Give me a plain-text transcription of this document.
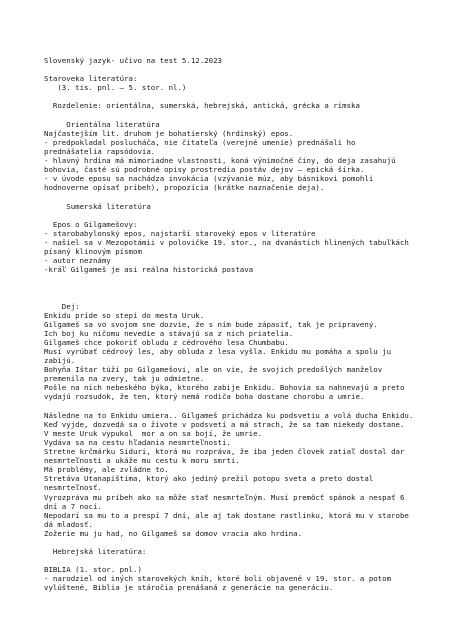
Slovenský jazyk- učivo na test 5.12.2023
Staroveka literatúra:
(3. tis. pnl. – 5. stor. nl.)
Rozdelenie: orientálna, sumerská, hebrejská, antická, grécka a rímska
Orientálna literatúra
Najčastejším lit. druhom je bohatierský (hrdinský) epos.
- predpokladal poslucháča, nie čitateľa (verejné umenie) prednášali ho
prednášatelia rapsódovia.
- hlavný hrdina má mimoriadne vlastnosti, koná výnimočné činy, do deja zasahujú
bohovia, časté sú podrobné opisy prostredia postáv dejov – epická šírka.
- v úvode eposu sa nachádza invokácia (vzývanie múz, aby básnikovi pomohli
hodnoverne opísať príbeh), propozícia (krátke naznačenie deja).
Sumerská literatúra
Epos o Gilgamešovy:
- starobabylonský epos, najstarší staroveký epos v literatúre
- našiel sa v Mezopotámii v polovičke 19. stor., na dvanástich hlinených tabuľkách
písaný klinovým písmom
- autor neznámy
-kráľ Gilgameš je asi reálna historická postava
Dej:
Enkidu príde so stepi do mesta Uruk.
Gilgameš sa vo svojom sne dozvie, že s ním bude zápasiť, tak je pripravený.
Ich boj ku ničomu nevedie a stávajú sa z nich priatelia.
Gilgameš chce pokoriť obludu z cédrového lesa Chumbabu.
Musí vyrúbať cédrový les, aby obluda z lesa vyšla. Enkidu mu pomáha a spolu ju
zabijú.
Bohyňa Ištar túži po Gilgamešovi, ale on vie, že svojich predošlých manželov
premenila na zvery, tak ju odmietne.
Pošle na nich nebeského býka, ktorého zabije Enkidu. Bohovia sa nahnevajú a preto
vydajú rozsudok, že ten, ktorý nemá rodiča boha dostane chorobu a umrie.
Následne na to Enkidu umiera.. Gilgameš prichádza ku podsvetiu a volá ducha Enkidu.
Keď vyjde, dozvedá sa o živote v podsvetí a má strach, že sa tam niekedy dostane.
V meste Uruk vypukol  mor a on sa bojí, že umrie.
Vydáva sa na cestu hľadania nesmrteľnosti.
Stretne krčmárku Siduri, ktorá mu rozpráva, že iba jeden človek zatiaľ dostal dar
nesmrteľnosti a ukáže mu cestu k moru smrti.
Má problémy, ale zvládne to.
Stretáva Utanapištima, ktorý ako jediný prežil potopu sveta a preto dostal
nesmrteľnosť.
Vyrozpráva mu príbeh ako sa môže stať nesmrteľným. Musí premôcť spánok a nespať 6
dní a 7 nocí.
Nepodarí sa mu to a prespí 7 dní, ale aj tak dostane rastlinku, ktorá mu v starobe
dá mladosť.
Zožerie mu ju had, no Gilgameš sa domov vracia ako hrdina.
Hebrejská literatúra:
BIBLIA (1. stor. pnl.)
- narodziel od iných starovekých kníh, ktoré boli objavené v 19. stor. a potom
vylúštené, Biblia je stáročia prenášaná z generácie na generáciu.
